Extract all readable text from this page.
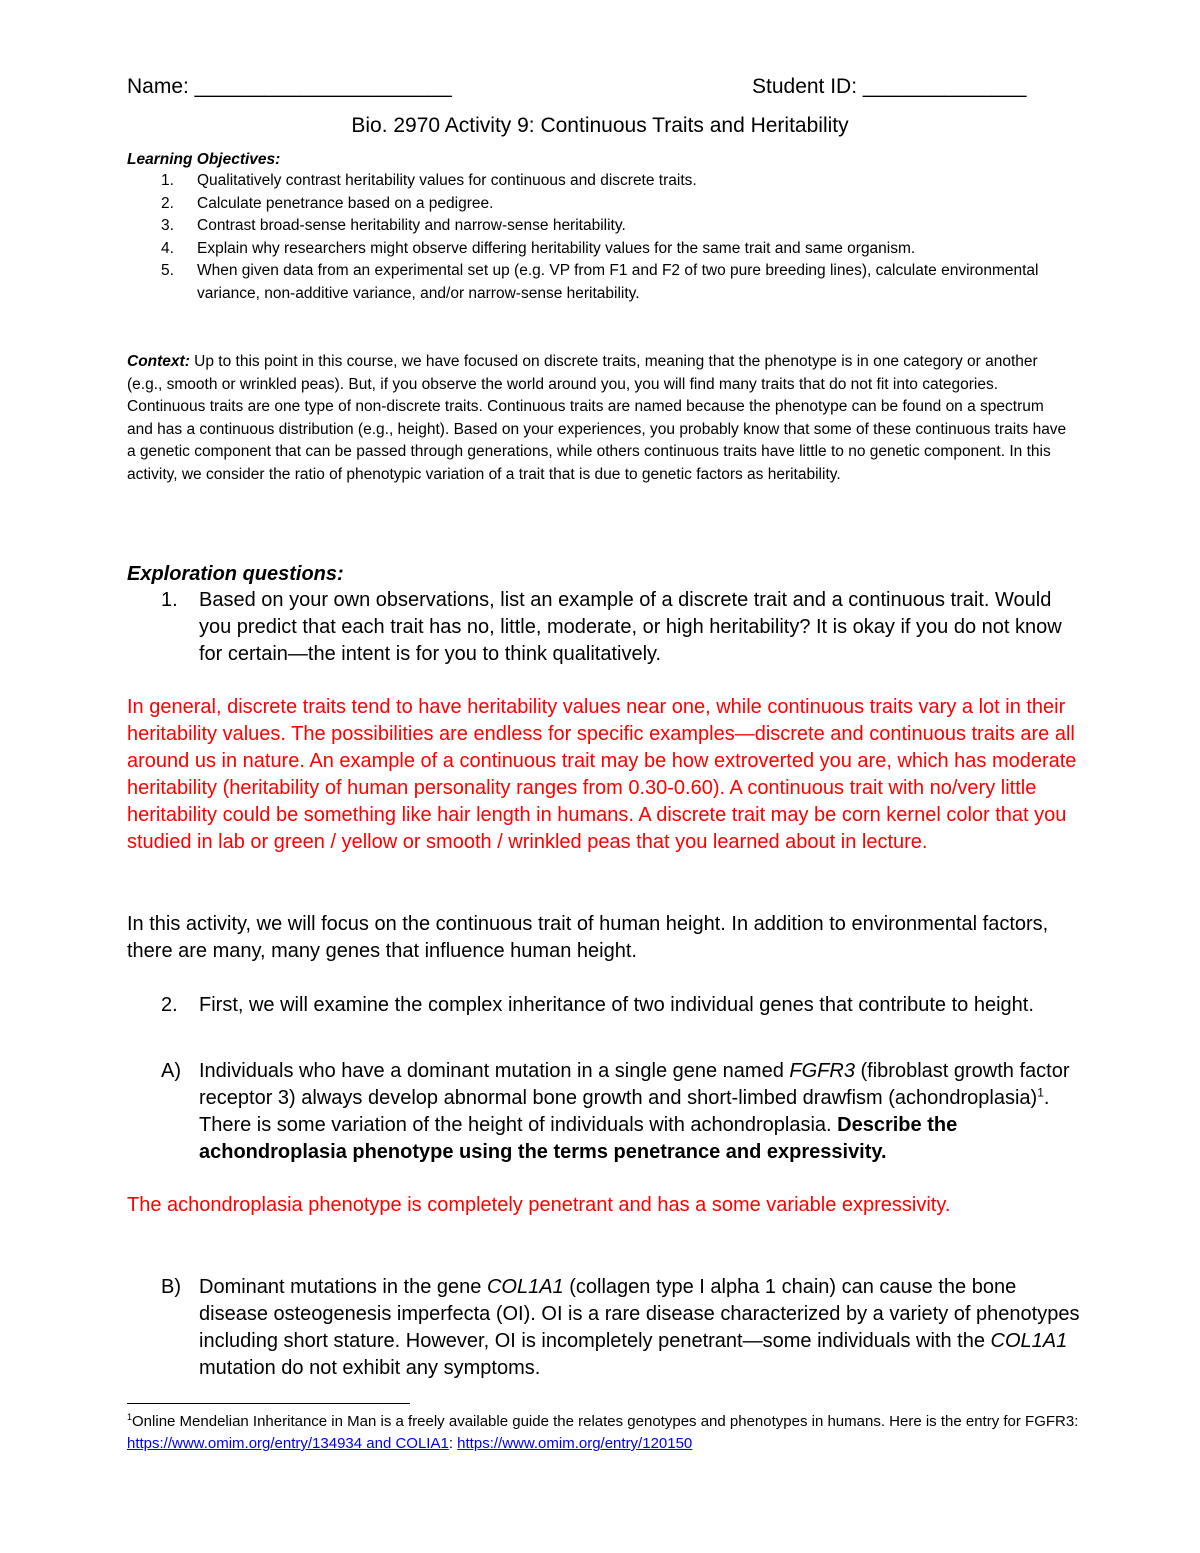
Name: ______________________	Student ID: ______________
Bio. 2970 Activity 9: Continuous Traits and Heritability
Learning Objectives:
1. Qualitatively contrast heritability values for continuous and discrete traits.
2. Calculate penetrance based on a pedigree.
3. Contrast broad-sense heritability and narrow-sense heritability.
4. Explain why researchers might observe differing heritability values for the same trait and same organism.
5. When given data from an experimental set up (e.g. VP from F1 and F2 of two pure breeding lines), calculate environmental variance, non-additive variance, and/or narrow-sense heritability.

Context: Up to this point in this course, we have focused on discrete traits, meaning that the phenotype is in one category or another (e.g., smooth or wrinkled peas). But, if you observe the world around you, you will find many traits that do not fit into categories. Continuous traits are one type of non-discrete traits. Continuous traits are named because the phenotype can be found on a spectrum and has a continuous distribution (e.g., height). Based on your experiences, you probably know that some of these continuous traits have a genetic component that can be passed through generations, while others continuous traits have little to no genetic component. In this activity, we consider the ratio of phenotypic variation of a trait that is due to genetic factors as heritability.

Exploration questions:
1. Based on your own observations, list an example of a discrete trait and a continuous trait. Would you predict that each trait has no, little, moderate, or high heritability? It is okay if you do not know for certain—the intent is for you to think qualitatively.

In general, discrete traits tend to have heritability values near one, while continuous traits vary a lot in their heritability values. The possibilities are endless for specific examples—discrete and continuous traits are all around us in nature. An example of a continuous trait may be how extroverted you are, which has moderate heritability (heritability of human personality ranges from 0.30-0.60). A continuous trait with no/very little heritability could be something like hair length in humans. A discrete trait may be corn kernel color that you studied in lab or green / yellow or smooth / wrinkled peas that you learned about in lecture.

In this activity, we will focus on the continuous trait of human height. In addition to environmental factors, there are many, many genes that influence human height.

2. First, we will examine the complex inheritance of two individual genes that contribute to height.
A) Individuals who have a dominant mutation in a single gene named FGFR3 (fibroblast growth factor receptor 3) always develop abnormal bone growth and short-limbed drawfism (achondroplasia)$^1$. There is some variation of the height of individuals with achondroplasia. Describe the achondroplasia phenotype using the terms penetrance and expressivity.

The achondroplasia phenotype is completely penetrant and has a some variable expressivity.

B) Dominant mutations in the gene COL1A1 (collagen type I alpha 1 chain) can cause the bone disease osteogenesis imperfecta (OI). OI is a rare disease characterized by a variety of phenotypes including short stature. However, OI is incompletely penetrant—some individuals with the COL1A1 mutation do not exhibit any symptoms.

$^1$Online Mendelian Inheritance in Man is a freely available guide the relates genotypes and phenotypes in humans. Here is the entry for FGFR3: https://www.omim.org/entry/134934 and COLIA1: https://www.omim.org/entry/120150
